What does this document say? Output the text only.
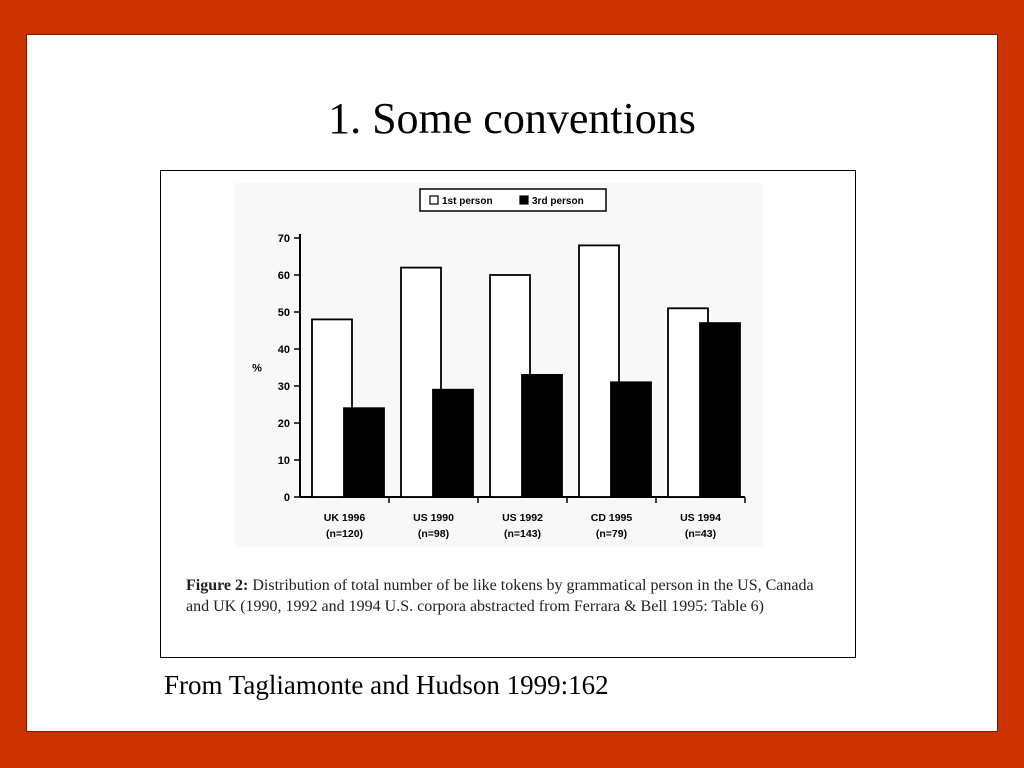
1. Some conventions
0
10
20
30
40
50
60
70
%
UK 1996
(n=120)
US 1990
(n=98)
US 1992
(n=143)
CD 1995
(n=79)
US 1994
(n=43)
1st person	3rd person
Figure 2: Distribution of total number of be like tokens by grammatical person in the US, Canada and UK (1990, 1992 and 1994 U.S. corpora abstracted from Ferrara & Bell 1995: Table 6)
From Tagliamonte and Hudson 1999:162
